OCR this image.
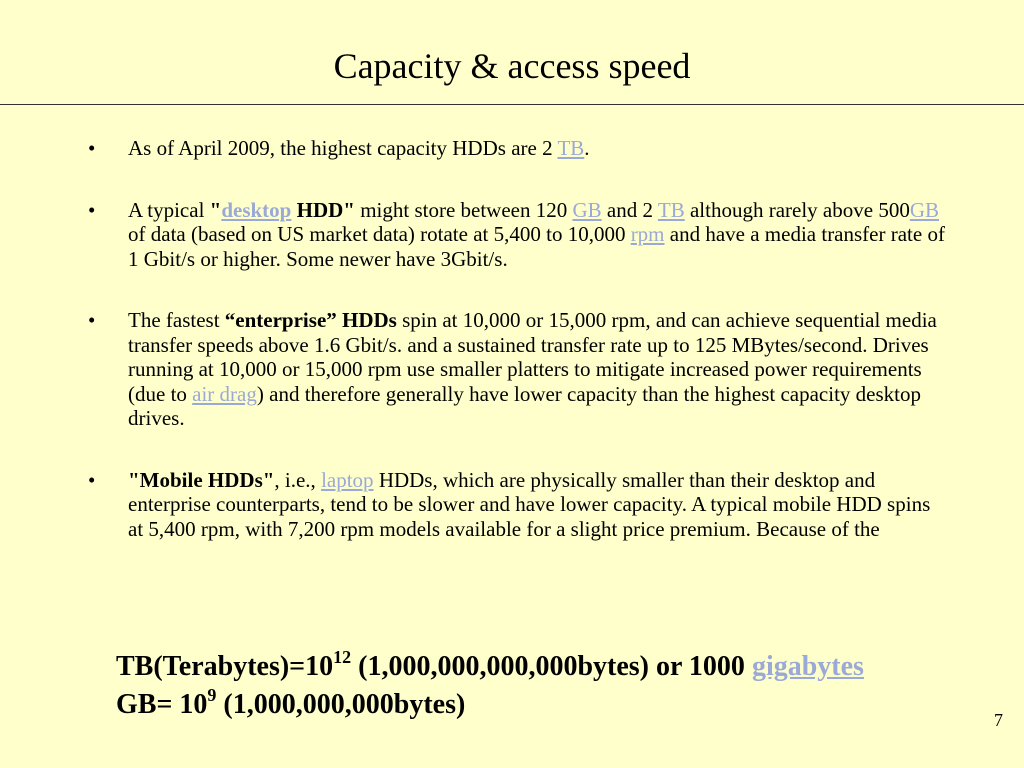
Capacity & access speed
• As of April 2009, the highest capacity HDDs are 2 TB.
• A typical "desktop HDD" might store between 120 GB and 2 TB although rarely above 500GB of data (based on US market data) rotate at 5,400 to 10,000 rpm and have a media transfer rate of 1 Gbit/s or higher. Some newer have 3Gbit/s.
• The fastest “enterprise” HDDs spin at 10,000 or 15,000 rpm, and can achieve sequential media transfer speeds above 1.6 Gbit/s. and a sustained transfer rate up to 125 MBytes/second. Drives running at 10,000 or 15,000 rpm use smaller platters to mitigate increased power requirements (due to air drag) and therefore generally have lower capacity than the highest capacity desktop drives.
• "Mobile HDDs", i.e., laptop HDDs, which are physically smaller than their desktop and enterprise counterparts, tend to be slower and have lower capacity. A typical mobile HDD spins at 5,400 rpm, with 7,200 rpm models available for a slight price premium. Because of the
$TB(Terabytes)=10^{12}$ (1,000,000,000,000bytes) or 1000 gigabytes
$GB= 10^9$ (1,000,000,000bytes)	7
